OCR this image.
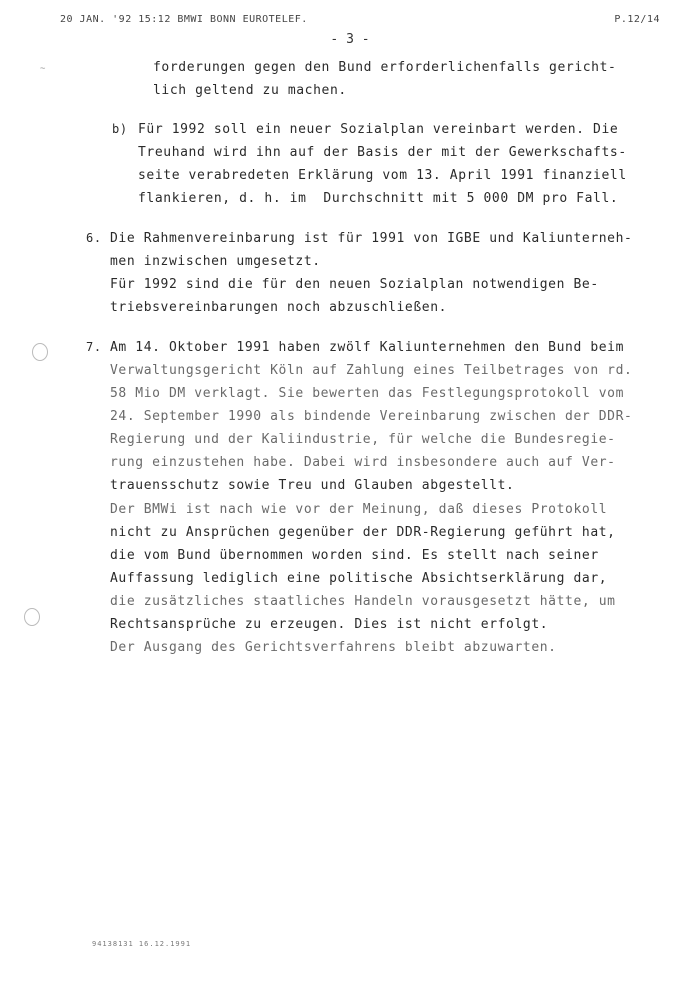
20 JAN. '92 15:12 BMWI BONN EUROTELEF.	P.12/14
- 3 -
~	forderungen gegen den Bund erforderlichenfalls gericht-
lich geltend zu machen.
b) Für 1992 soll ein neuer Sozialplan vereinbart werden. Die
Treuhand wird ihn auf der Basis der mit der Gewerkschafts-
seite verabredeten Erklärung vom 13. April 1991 finanziell
flankieren, d. h. im  Durchschnitt mit 5 000 DM pro Fall.
6. Die Rahmenvereinbarung ist für 1991 von IGBE und Kaliunterneh-
men inzwischen umgesetzt.
Für 1992 sind die für den neuen Sozialplan notwendigen Be-
triebsvereinbarungen noch abzuschließen.
7. Am 14. Oktober 1991 haben zwölf Kaliunternehmen den Bund beim
Verwaltungsgericht Köln auf Zahlung eines Teilbetrages von rd.
58 Mio DM verklagt. Sie bewerten das Festlegungsprotokoll vom
24. September 1990 als bindende Vereinbarung zwischen der DDR-
Regierung und der Kaliindustrie, für welche die Bundesregie-
rung einzustehen habe. Dabei wird insbesondere auch auf Ver-
trauensschutz sowie Treu und Glauben abgestellt.
Der BMWi ist nach wie vor der Meinung, daß dieses Protokoll
nicht zu Ansprüchen gegenüber der DDR-Regierung geführt hat,
die vom Bund übernommen worden sind. Es stellt nach seiner
Auffassung lediglich eine politische Absichtserklärung dar,
die zusätzliches staatliches Handeln vorausgesetzt hätte, um
Rechtsansprüche zu erzeugen. Dies ist nicht erfolgt.
Der Ausgang des Gerichtsverfahrens bleibt abzuwarten.
94138131 16.12.1991
